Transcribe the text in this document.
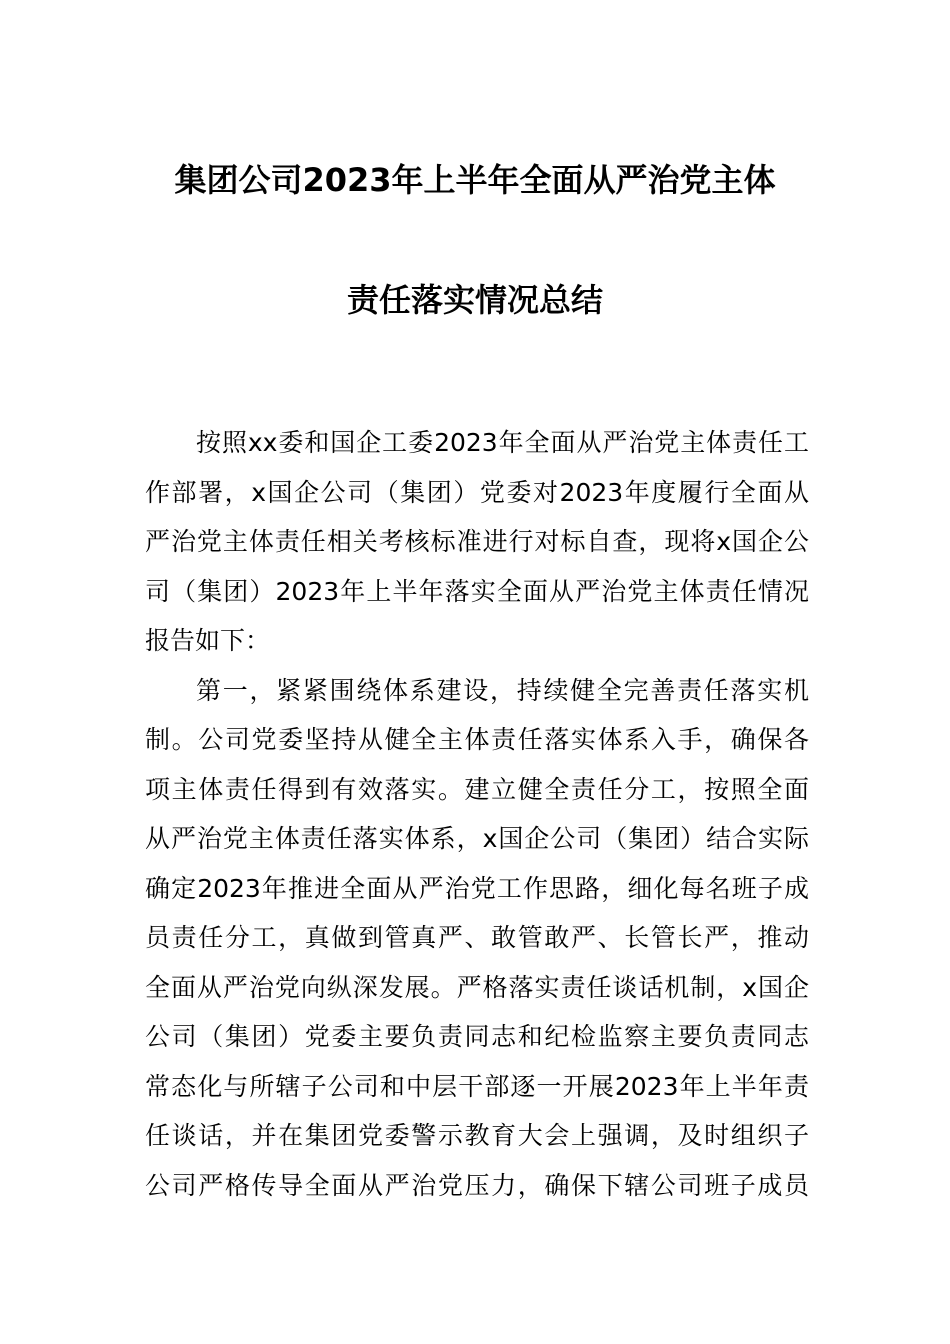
集团公司2023年上半年全面从严治党主体
责任落实情况总结
按照xx委和国企工委2023年全面从严治党主体责任工
作部署，x国企公司（集团）党委对2023年度履行全面从
严治党主体责任相关考核标准进行对标自查，现将x国企公
司（集团）2023年上半年落实全面从严治党主体责任情况
报告如下：
第一，紧紧围绕体系建设，持续健全完善责任落实机
制。公司党委坚持从健全主体责任落实体系入手，确保各
项主体责任得到有效落实。建立健全责任分工，按照全面
从严治党主体责任落实体系，x国企公司（集团）结合实际
确定2023年推进全面从严治党工作思路，细化每名班子成
员责任分工，真做到管真严、敢管敢严、长管长严，推动
全面从严治党向纵深发展。严格落实责任谈话机制，x国企
公司（集团）党委主要负责同志和纪检监察主要负责同志
常态化与所辖子公司和中层干部逐一开展2023年上半年责
任谈话，并在集团党委警示教育大会上强调，及时组织子
公司严格传导全面从严治党压力，确保下辖公司班子成员
